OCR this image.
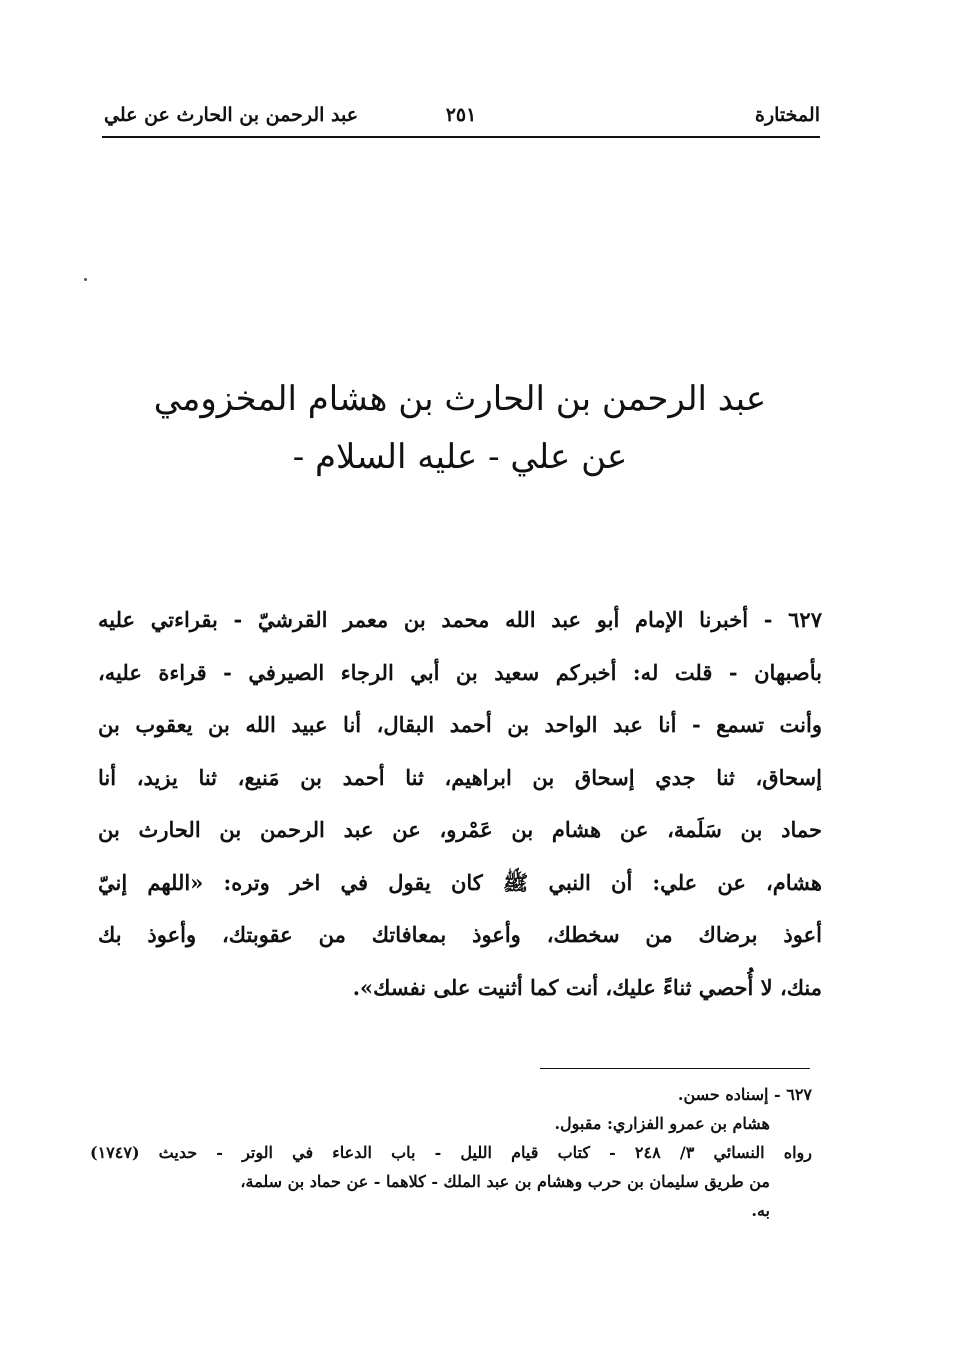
المختارة
٢٥١
عبد الرحمن بن الحارث عن علي
عبد الرحمن بن الحارث بن هشام المخزومي
عن علي - عليه السلام -
٦٢٧ - أخبرنا الإمام أبو عبد الله محمد بن معمر القرشيّ - بقراءتي عليه
بأصبهان - قلت له: أخبركم سعيد بن أبي الرجاء الصيرفي - قراءة عليه،
وأنت تسمع - أنا عبد الواحد بن أحمد البقال، أنا عبيد الله بن يعقوب بن
إسحاق، ثنا جدي إسحاق بن ابراهيم، ثنا أحمد بن مَنيع، ثنا يزيد، أنا
حماد بن سَلَمة، عن هشام بن عَمْرو، عن عبد الرحمن بن الحارث بن
هشام، عن علي: أن النبي ﷺ كان يقول في اخر وتره: «اللهم إنيّ
أعوذ برضاك من سخطك، وأعوذ بمعافاتك من عقوبتك، وأعوذ بك
منك، لا أُحصي ثناءً عليك، أنت كما أثنيت على نفسك».
٦٢٧ - إسناده حسن.
هشام بن عمرو الفزاري: مقبول.
رواه النسائي ٣/ ٢٤٨ - كتاب قيام الليل - باب الدعاء في الوتر - حديث (١٧٤٧)
من طريق سليمان بن حرب وهشام بن عبد الملك - كلاهما - عن حماد بن سلمة،
به.
